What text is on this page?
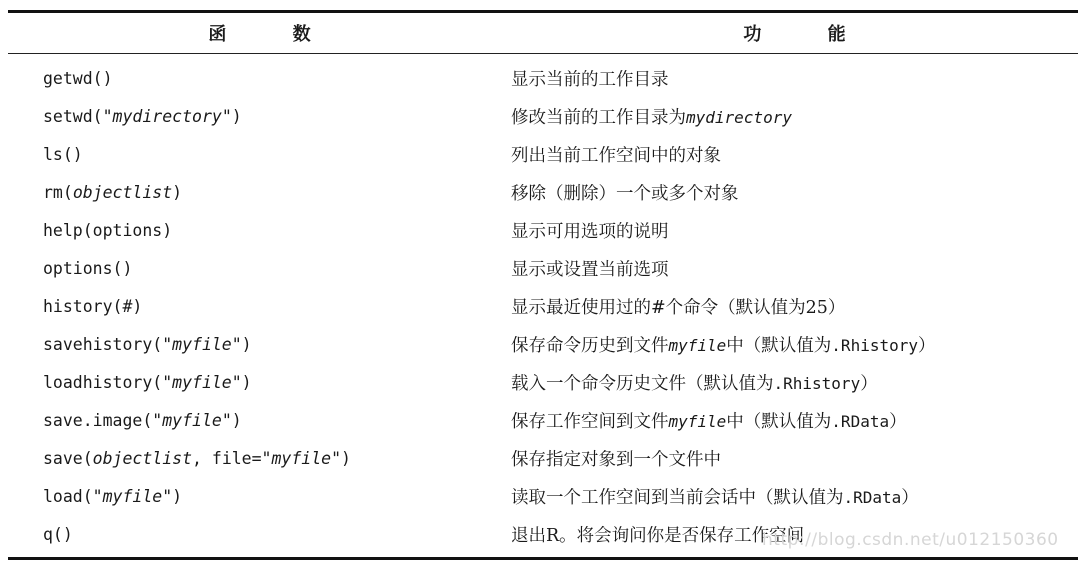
函 数	功 能
getwd()	显示当前的工作目录
setwd("mydirectory")	修改当前的工作目录为mydirectory
ls()	列出当前工作空间中的对象
rm(objectlist)	移除（删除）一个或多个对象
help(options)	显示可用选项的说明
options()	显示或设置当前选项
history(#)	显示最近使用过的#个命令（默认值为25）
savehistory("myfile")	保存命令历史到文件myfile中（默认值为.Rhistory）
loadhistory("myfile")	载入一个命令历史文件（默认值为.Rhistory）
save.image("myfile")	保存工作空间到文件myfile中（默认值为.RData）
save(objectlist, file="myfile")	保存指定对象到一个文件中
load("myfile")	读取一个工作空间到当前会话中（默认值为.RData）
q()	退出R。将会询问你是否保存工作空间
http://blog.csdn.net/u012150360
